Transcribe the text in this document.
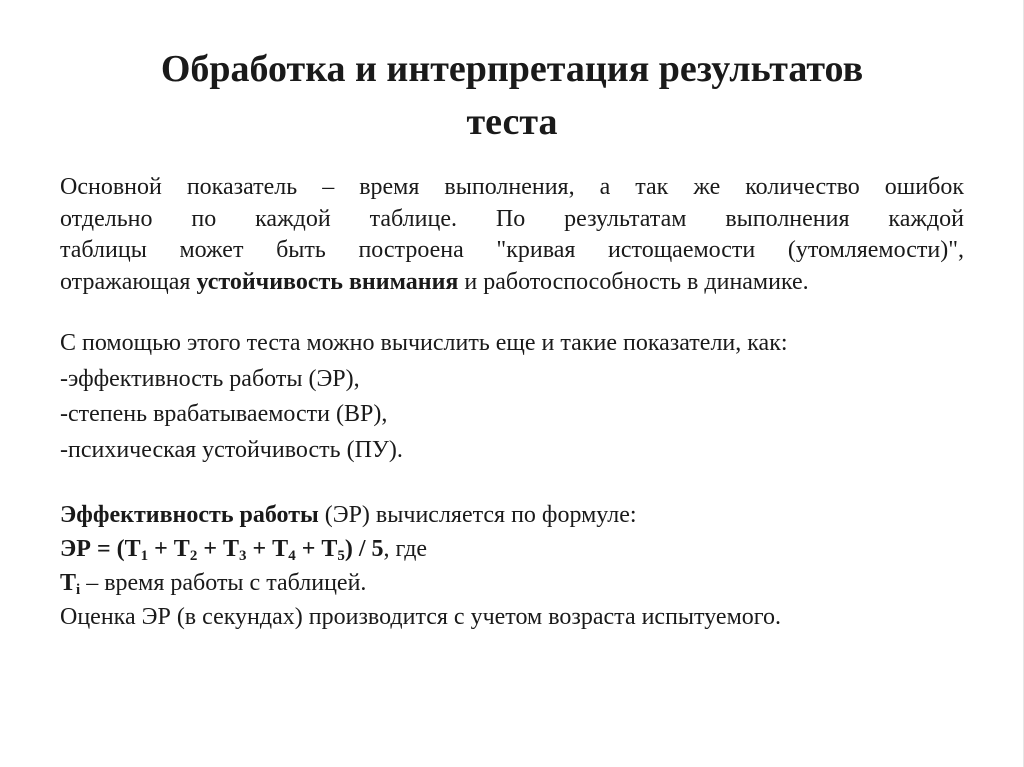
Обработка и интерпретация результатов
теста
Основной показатель – время выполнения, а так же количество ошибок
отдельно по каждой таблице. По результатам выполнения каждой
таблицы может быть построена "кривая истощаемости (утомляемости)",
отражающая устойчивость внимания и работоспособность в динамике.
С помощью этого теста можно вычислить еще и такие показатели, как:
-эффективность работы (ЭР),
-степень врабатываемости (ВР),
-психическая устойчивость (ПУ).
Эффективность работы (ЭР) вычисляется по формуле:
ЭР = $(Т_1 + Т_2 + Т_3 + Т_4 + Т_5) / 5$, где
$Т_i$ – время работы с таблицей.
Оценка ЭР (в секундах) производится с учетом возраста испытуемого.
